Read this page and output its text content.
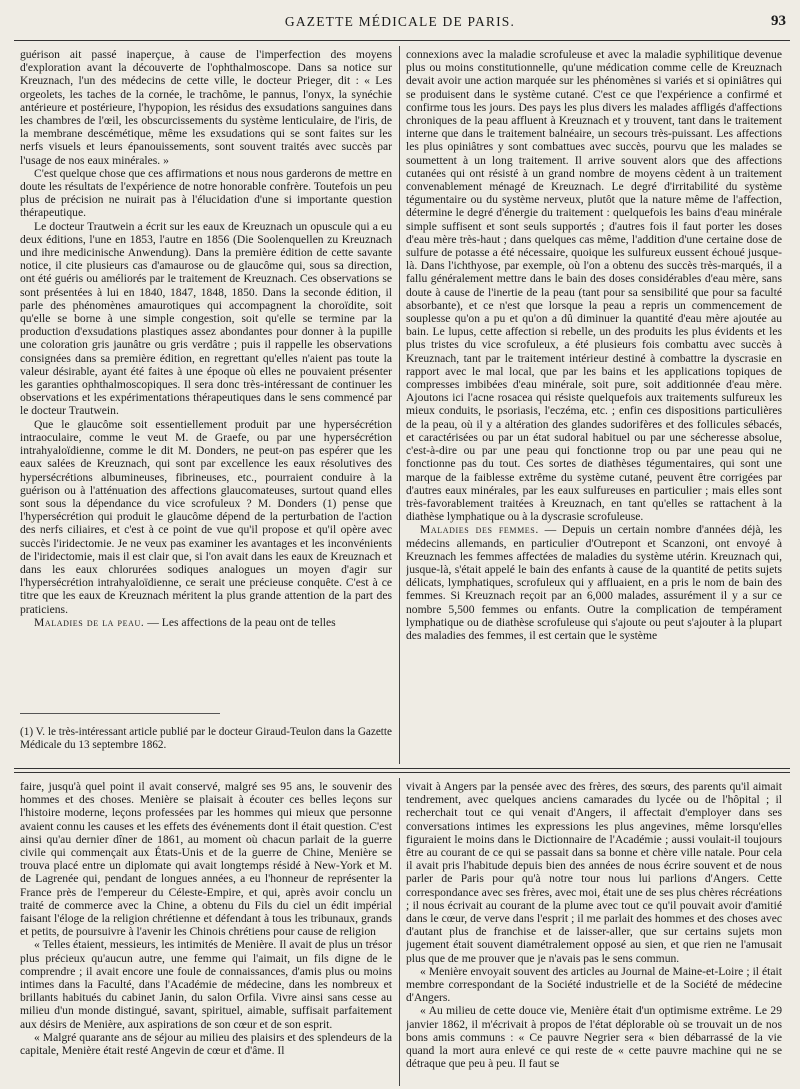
GAZETTE MÉDICALE DE PARIS.	93

guérison ait passé inaperçue, à cause de l'imperfection des moyens d'exploration avant la découverte de l'ophthalmoscope. Dans sa notice sur Kreuznach, l'un des médecins de cette ville, le docteur Prieger, dit : « Les orgeolets, les taches de la cornée, le trachôme, le pannus, l'onyx, la synéchie antérieure et postérieure, l'hypopion, les résidus des exsudations sanguines dans les chambres de l'œil, les obscurcissements du système lenticulaire, de l'iris, de la membrane descémétique, même les exsudations qui se sont faites sur les nerfs visuels et leurs épanouissements, sont souvent traités avec succès par l'usage de nos eaux minérales. »

C'est quelque chose que ces affirmations et nous nous garderons de mettre en doute les résultats de l'expérience de notre honorable confrère. Toutefois un peu plus de précision ne nuirait pas à l'élucidation d'une si importante question thérapeutique.

Le docteur Trautwein a écrit sur les eaux de Kreuznach un opuscule qui a eu deux éditions, l'une en 1853, l'autre en 1856 (Die Soolenquellen zu Kreuznach und ihre medicinische Anwendung). Dans la première édition de cette savante notice, il cite plusieurs cas d'amaurose ou de glaucôme qui, sous sa direction, ont été guéris ou améliorés par le traitement de Kreuznach. Ces observations se sont présentées à lui en 1840, 1847, 1848, 1850. Dans la seconde édition, il parle des phénomènes amaurotiques qui accompagnent la choroïdite, soit qu'elle se borne à une simple congestion, soit qu'elle se termine par la production d'exsudations plastiques assez abondantes pour donner à la pupille une coloration gris jaunâtre ou gris verdâtre ; puis il rappelle les observations consignées dans sa première édition, en regrettant qu'elles n'aient pas toute la valeur désirable, ayant été faites à une époque où elles ne pouvaient présenter les garanties ophthalmoscopiques. Il sera donc très-intéressant de continuer les observations et les expérimentations thérapeutiques dans le sens commencé par le docteur Trautwein.

Que le glaucôme soit essentiellement produit par une hypersécrétion intraoculaire, comme le veut M. de Graefe, ou par une hypersécrétion intrahyaloïdienne, comme le dit M. Donders, ne peut-on pas espérer que les eaux salées de Kreuznach, qui sont par excellence les eaux résolutives des hypersécrétions albumineuses, fibrineuses, etc., pourraient conduire à la guérison ou à l'atténuation des affections glaucomateuses, surtout quand elles sont sous la dépendance du vice scrofuleux ? M. Donders (1) pense que l'hypersécrétion qui produit le glaucôme dépend de la perturbation de l'action des nerfs ciliaires, et c'est à ce point de vue qu'il propose et qu'il opère avec succès l'iridectomie. Je ne veux pas examiner les avantages et les inconvénients de l'iridectomie, mais il est clair que, si l'on avait dans les eaux de Kreuznach et dans les eaux chlorurées sodiques analogues un moyen d'agir sur l'hypersécrétion intrahyaloïdienne, ce serait une précieuse conquête. C'est à ce titre que les eaux de Kreuznach méritent la plus grande attention de la part des praticiens.

Maladies de la peau. — Les affections de la peau ont de telles

(1) V. le très-intéressant article publié par le docteur Giraud-Teulon dans la Gazette Médicale du 13 septembre 1862.

connexions avec la maladie scrofuleuse et avec la maladie syphilitique devenue plus ou moins constitutionnelle, qu'une médication comme celle de Kreuznach devait avoir une action marquée sur les phénomènes si variés et si opiniâtres qui se produisent dans le système cutané. C'est ce que l'expérience a confirmé et confirme tous les jours. Des pays les plus divers les malades affligés d'affections chroniques de la peau affluent à Kreuznach et y trouvent, tant dans le traitement interne que dans le traitement balnéaire, un secours très-puissant. Les affections les plus opiniâtres y sont combattues avec succès, pourvu que les malades se soumettent à un long traitement. Il arrive souvent alors que des affections cutanées qui ont résisté à un grand nombre de moyens cèdent à un traitement convenablement ménagé de Kreuznach. Le degré d'irritabilité du système tégumentaire ou du système nerveux, plutôt que la nature même de l'affection, détermine le degré d'énergie du traitement : quelquefois les bains d'eau minérale simple suffisent et sont seuls supportés ; d'autres fois il faut porter les doses d'eau mère très-haut ; dans quelques cas même, l'addition d'une certaine dose de sulfure de potasse a été nécessaire, quoique les sulfureux eussent échoué jusque-là. Dans l'ichthyose, par exemple, où l'on a obtenu des succès très-marqués, il a fallu généralement mettre dans le bain des doses considérables d'eau mère, sans doute à cause de l'inertie de la peau (tant pour sa sensibilité que pour sa faculté absorbante), et ce n'est que lorsque la peau a repris un commencement de souplesse qu'on a pu et qu'on a dû diminuer la quantité d'eau mère ajoutée au bain. Le lupus, cette affection si rebelle, un des produits les plus évidents et les plus tristes du vice scrofuleux, a été plusieurs fois combattu avec succès à Kreuznach, tant par le traitement intérieur destiné à combattre la dyscrasie en rapport avec le mal local, que par les bains et les applications topiques de compresses imbibées d'eau minérale, soit pure, soit additionnée d'eau mère. Ajoutons ici l'acne rosacea qui résiste quelquefois aux traitements sulfureux les mieux conduits, le psoriasis, l'eczéma, etc. ; enfin ces dispositions particulières de la peau, où il y a altération des glandes sudorifères et des follicules sébacés, et caractérisées ou par un état sudoral habituel ou par une sécheresse absolue, c'est-à-dire ou par une peau qui fonctionne trop ou par une peau qui ne fonctionne pas du tout. Ces sortes de diathèses tégumentaires, qui sont une marque de la faiblesse extrême du système cutané, peuvent être corrigées par d'autres eaux minérales, par les eaux sulfureuses en particulier ; mais elles sont très-favorablement traitées à Kreuznach, en tant qu'elles se rattachent à la diathèse lymphatique ou à la dyscrasie scrofuleuse.

Maladies des femmes. — Depuis un certain nombre d'années déjà, les médecins allemands, en particulier d'Outrepont et Scanzoni, ont envoyé à Kreuznach les femmes affectées de maladies du système utérin. Kreuznach qui, jusque-là, s'était appelé le bain des enfants à cause de la quantité de petits sujets délicats, lymphatiques, scrofuleux qui y affluaient, en a pris le nom de bain des femmes. Si Kreuznach reçoit par an 6,000 malades, assurément il y a sur ce nombre 5,500 femmes ou enfants. Outre la complication de tempérament lymphatique ou de diathèse scrofuleuse qui s'ajoute ou peut s'ajouter à la plupart des maladies des femmes, il est certain que le système

faire, jusqu'à quel point il avait conservé, malgré ses 95 ans, le souvenir des hommes et des choses. Menière se plaisait à écouter ces belles leçons sur l'histoire moderne, leçons professées par les hommes qui mieux que personne avaient connu les causes et les effets des événements dont il était question. C'est ainsi qu'au dernier dîner de 1861, au moment où chacun parlait de la guerre civile qui commençait aux États-Unis et de la guerre de Chine, Menière se trouva placé entre un diplomate qui avait longtemps résidé à New-York et M. de Lagrenée qui, pendant de longues années, a eu l'honneur de représenter la France près de l'empereur du Céleste-Empire, et qui, après avoir conclu un traité de commerce avec la Chine, a obtenu du Fils du ciel un édit impérial faisant l'éloge de la religion chrétienne et défendant à tous les tribunaux, grands et petits, de poursuivre à l'avenir les Chinois chrétiens pour cause de religion

« Telles étaient, messieurs, les intimités de Menière. Il avait de plus un trésor plus précieux qu'aucun autre, une femme qui l'aimait, un fils digne de le comprendre ; il avait encore une foule de connaissances, d'amis plus ou moins intimes dans la Faculté, dans l'Académie de médecine, dans les nombreux et brillants habitués du cabinet Janin, du salon Orfila. Vivre ainsi sans cesse au milieu d'un monde distingué, savant, spirituel, aimable, suffisait parfaitement aux désirs de Menière, aux aspirations de son cœur et de son esprit.

« Malgré quarante ans de séjour au milieu des plaisirs et des splendeurs de la capitale, Menière était resté Angevin de cœur et d'âme. Il

vivait à Angers par la pensée avec des frères, des sœurs, des parents qu'il aimait tendrement, avec quelques anciens camarades du lycée ou de l'hôpital ; il recherchait tout ce qui venait d'Angers, il affectait d'employer dans ses conversations intimes les expressions les plus angevines, même lorsqu'elles figuraient le moins dans le Dictionnaire de l'Académie ; aussi voulait-il toujours être au courant de ce qui se passait dans sa bonne et chère ville natale. Pour cela il avait pris l'habitude depuis bien des années de nous écrire souvent et de nous parler de Paris pour qu'à notre tour nous lui parlions d'Angers. Cette correspondance avec ses frères, avec moi, était une de ses plus chères récréations ; il nous écrivait au courant de la plume avec tout ce qu'il pouvait avoir d'amitié dans le cœur, de verve dans l'esprit ; il me parlait des hommes et des choses avec d'autant plus de franchise et de laisser-aller, que sur certains sujets mon jugement était souvent diamétralement opposé au sien, et que rien ne l'amusait plus que de me prouver que je n'avais pas le sens commun.

« Menière envoyait souvent des articles au Journal de Maine-et-Loire ; il était membre correspondant de la Société industrielle et de la Société de médecine d'Angers.

« Au milieu de cette douce vie, Menière était d'un optimisme extrême. Le 29 janvier 1862, il m'écrivait à propos de l'état déplorable où se trouvait un de nos bons amis communs : « Ce pauvre Negrier sera « bien débarrassé de la vie quand la mort aura enlevé ce qui reste de « cette pauvre machine qui ne se détraque que peu à peu. Il faut se
